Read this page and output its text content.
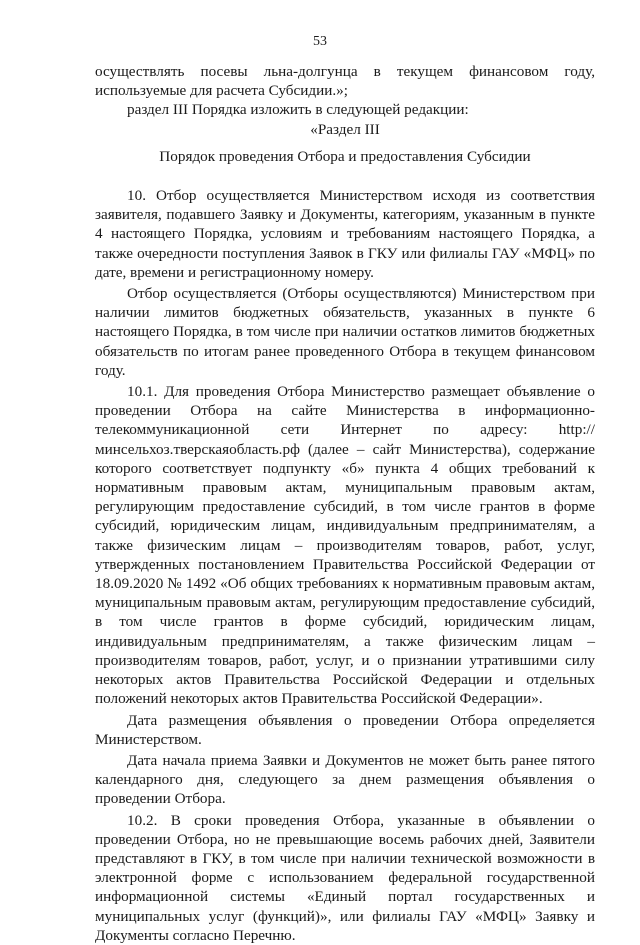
53

осуществлять посевы льна-долгунца в текущем финансовом году, используемые для расчета Субсидии.»;

раздел III Порядка изложить в следующей редакции:

«Раздел III

Порядок проведения Отбора и предоставления Субсидии

10. Отбор осуществляется Министерством исходя из соответствия заявителя, подавшего Заявку и Документы, категориям, указанным в пункте 4 настоящего Порядка, условиям и требованиям настоящего Порядка, а также очередности поступления Заявок в ГКУ или филиалы ГАУ «МФЦ» по дате, времени и регистрационному номеру.

Отбор осуществляется (Отборы осуществляются) Министерством при наличии лимитов бюджетных обязательств, указанных в пункте 6 настоящего Порядка, в том числе при наличии остатков лимитов бюджетных обязательств по итогам ранее проведенного Отбора в текущем финансовом году.

10.1. Для проведения Отбора Министерство размещает объявление о проведении Отбора на сайте Министерства в информационно-телекоммуникационной сети Интернет по адресу: http://минсельхоз.тверскаяобласть.рф (далее – сайт Министерства), содержание которого соответствует подпункту «б» пункта 4 общих требований к нормативным правовым актам, муниципальным правовым актам, регулирующим предоставление субсидий, в том числе грантов в форме субсидий, юридическим лицам, индивидуальным предпринимателям, а также физическим лицам – производителям товаров, работ, услуг, утвержденных постановлением Правительства Российской Федерации от 18.09.2020 № 1492 «Об общих требованиях к нормативным правовым актам, муниципальным правовым актам, регулирующим предоставление субсидий, в том числе грантов в форме субсидий, юридическим лицам, индивидуальным предпринимателям, а также физическим лицам – производителям товаров, работ, услуг, и о признании утратившими силу некоторых актов Правительства Российской Федерации и отдельных положений некоторых актов Правительства Российской Федерации».

Дата размещения объявления о проведении Отбора определяется Министерством.

Дата начала приема Заявки и Документов не может быть ранее пятого календарного дня, следующего за днем размещения объявления о проведении Отбора.

10.2. В сроки проведения Отбора, указанные в объявлении о проведении Отбора, но не превышающие восемь рабочих дней, Заявители представляют в ГКУ, в том числе при наличии технической возможности в электронной форме с использованием федеральной государственной информационной системы «Единый портал государственных и муниципальных услуг (функций)», или филиалы ГАУ «МФЦ» Заявку и Документы согласно Перечню.
